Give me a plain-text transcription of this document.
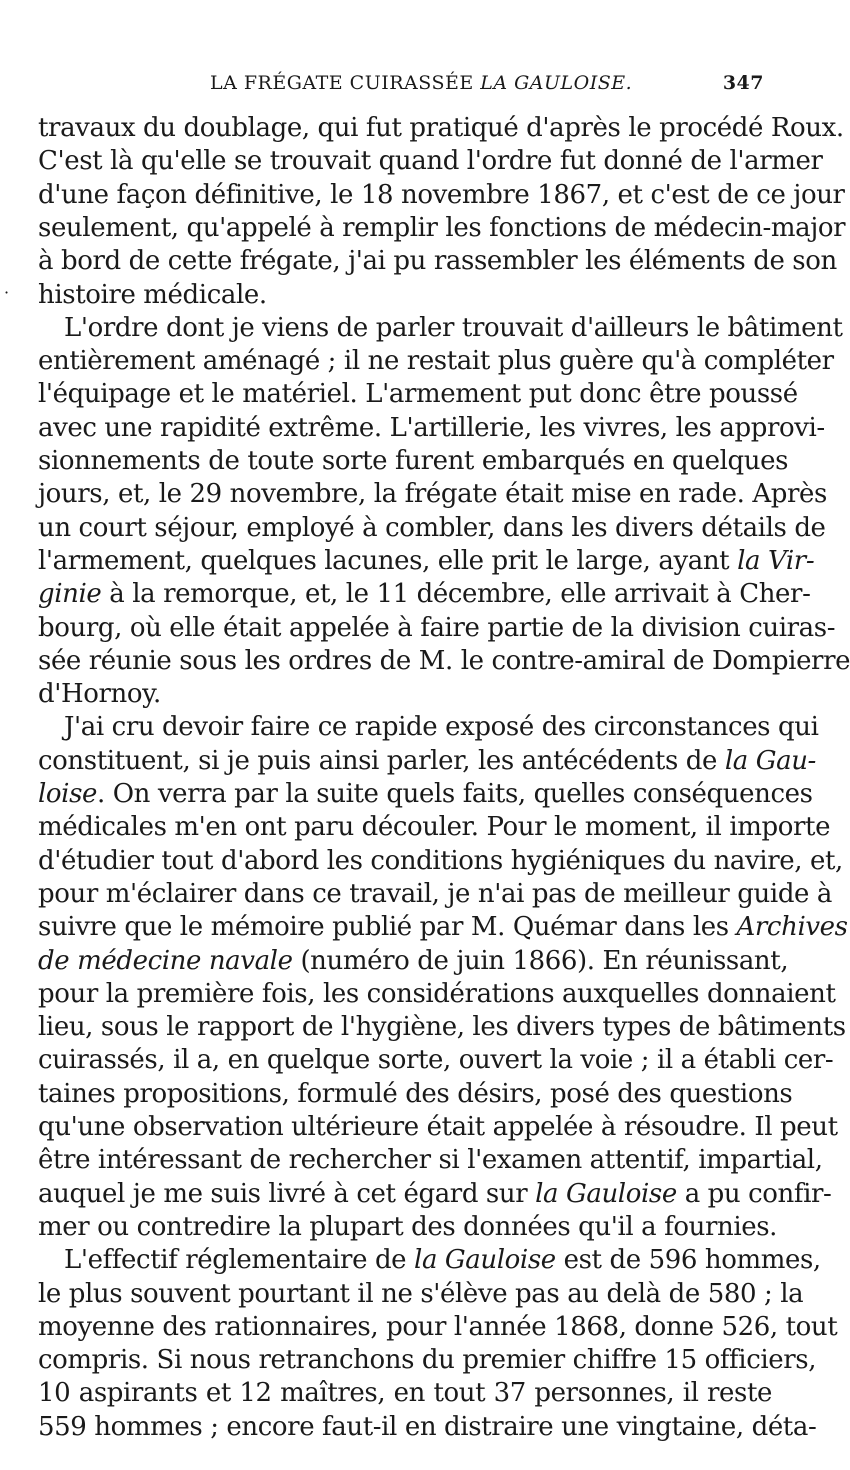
LA FRÉGATE CUIRASSÉE LA GAULOISE.	347
·
travaux du doublage, qui fut pratiqué d'après le procédé Roux.
C'est là qu'elle se trouvait quand l'ordre fut donné de l'armer
d'une façon définitive, le 18 novembre 1867, et c'est de ce jour
seulement, qu'appelé à remplir les fonctions de médecin-major
à bord de cette frégate, j'ai pu rassembler les éléments de son
histoire médicale.
L'ordre dont je viens de parler trouvait d'ailleurs le bâtiment
entièrement aménagé ; il ne restait plus guère qu'à compléter
l'équipage et le matériel. L'armement put donc être poussé
avec une rapidité extrême. L'artillerie, les vivres, les approvi-
sionnements de toute sorte furent embarqués en quelques
jours, et, le 29 novembre, la frégate était mise en rade. Après
un court séjour, employé à combler, dans les divers détails de
l'armement, quelques lacunes, elle prit le large, ayant la Vir-
ginie à la remorque, et, le 11 décembre, elle arrivait à Cher-
bourg, où elle était appelée à faire partie de la division cuiras-
sée réunie sous les ordres de M. le contre-amiral de Dompierre
d'Hornoy.
J'ai cru devoir faire ce rapide exposé des circonstances qui
constituent, si je puis ainsi parler, les antécédents de la Gau-
loise. On verra par la suite quels faits, quelles conséquences
médicales m'en ont paru découler. Pour le moment, il importe
d'étudier tout d'abord les conditions hygiéniques du navire, et,
pour m'éclairer dans ce travail, je n'ai pas de meilleur guide à
suivre que le mémoire publié par M. Quémar dans les Archives
de médecine navale (numéro de juin 1866). En réunissant,
pour la première fois, les considérations auxquelles donnaient
lieu, sous le rapport de l'hygiène, les divers types de bâtiments
cuirassés, il a, en quelque sorte, ouvert la voie ; il a établi cer-
taines propositions, formulé des désirs, posé des questions
qu'une observation ultérieure était appelée à résoudre. Il peut
être intéressant de rechercher si l'examen attentif, impartial,
auquel je me suis livré à cet égard sur la Gauloise a pu confir-
mer ou contredire la plupart des données qu'il a fournies.
L'effectif réglementaire de la Gauloise est de 596 hommes,
le plus souvent pourtant il ne s'élève pas au delà de 580 ; la
moyenne des rationnaires, pour l'année 1868, donne 526, tout
compris. Si nous retranchons du premier chiffre 15 officiers,
10 aspirants et 12 maîtres, en tout 37 personnes, il reste
559 hommes ; encore faut-il en distraire une vingtaine, déta-
